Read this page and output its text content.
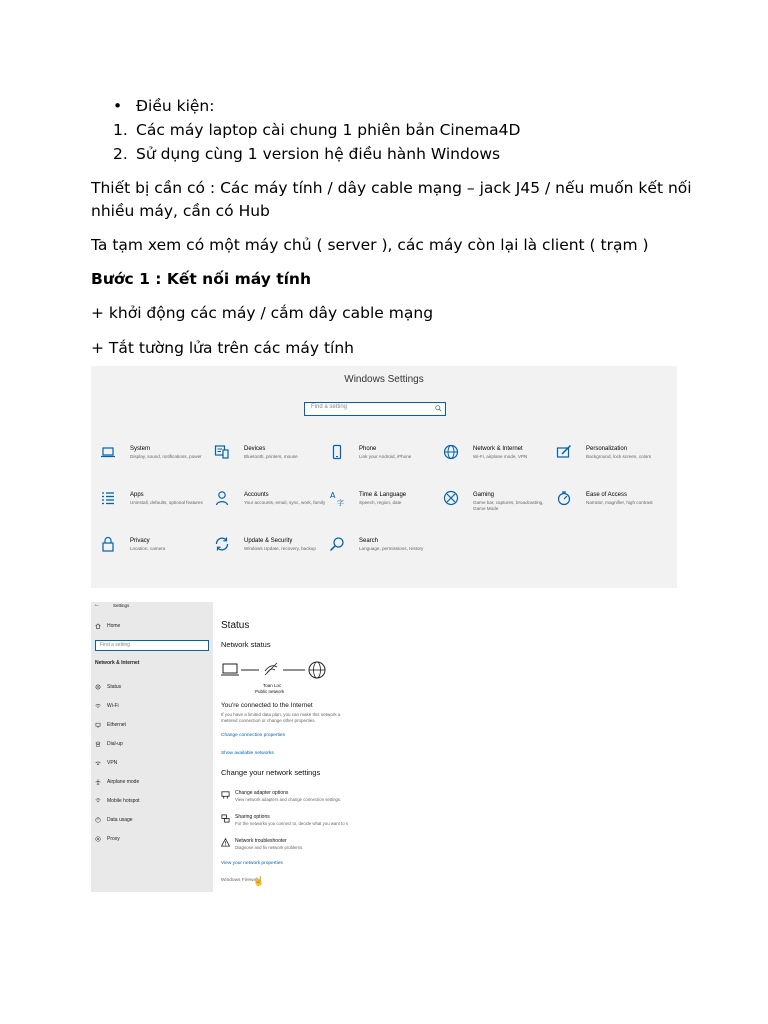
• Điều kiện:
1. Các máy laptop cài chung 1 phiên bản Cinema4D
2. Sử dụng cùng 1 version hệ điều hành Windows
Thiết bị cần có : Các máy tính / dây cable mạng – jack J45 / nếu muốn kết nối
nhiều máy, cần có Hub
Ta tạm xem có một máy chủ ( server ), các máy còn lại là client ( trạm )
Bước 1 : Kết nối máy tính
+ khởi động các máy / cắm dây cable mạng
+ Tắt tường lửa trên các máy tính
Windows Settings
Find a setting
System
Display, sound, notifications, power
Devices
Bluetooth, printers, mouse
Phone
Link your Android, iPhone
Network & Internet
Wi-Fi, airplane mode, VPN
Personalization
Background, lock screen, colors
Apps
Uninstall, defaults, optional features
Accounts
Your accounts, email, sync, work, family
A
字
Time & Language
Speech, region, date
Gaming
Game bar, captures, broadcasting, Game Mode
Ease of Access
Narrator, magnifier, high contrast
Privacy
Location, camera
Update & Security
Windows Update, recovery, backup
Search
Language, permissions, History
←	Settings
Home
Find a setting
Network & Internet
Status
Wi-Fi
Ethernet
Dial-up
VPN
Airplane mode
Mobile hotspot
Data usage
Proxy
Status
Network status
Toan Loc
Public network
You're connected to the Internet
If you have a limited data plan, you can make this network a
metered connection or change other properties.
Change connection properties
Show available networks
Change your network settings
Change adapter options
View network adapters and change connection settings.
Sharing options
For the networks you connect to, decide what you want to s
Network troubleshooter
Diagnose and fix network problems.
View your network properties
Windows Firewall
☝
